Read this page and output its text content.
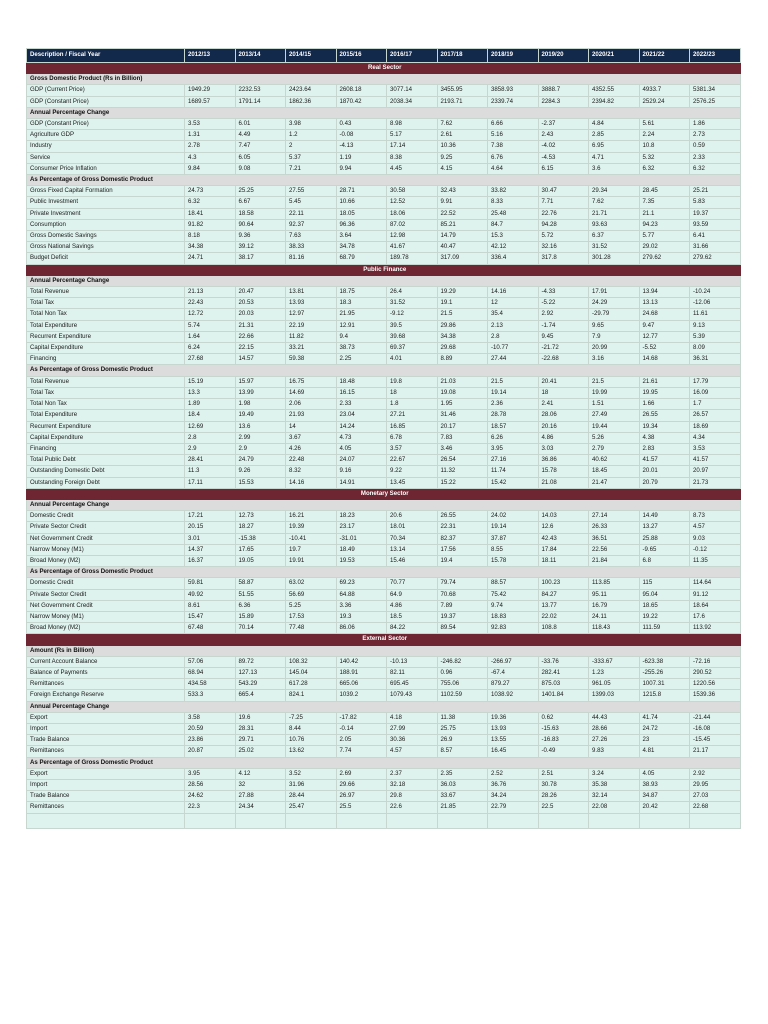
Description / Fiscal Year	2012/13	2013/14	2014/15	2015/16	2016/17	2017/18	2018/19	2019/20	2020/21	2021/22	2022/23
Real Sector											
Gross Domestic Product (Rs in Billion)											
GDP (Current Price)	1949.29	2232.53	2423.64	2608.18	3077.14	3455.95	3858.93	3888.7	4352.55	4933.7	5381.34
GDP (Constant Price)	1689.57	1791.14	1862.36	1870.42	2038.34	2193.71	2339.74	2284.3	2394.82	2529.24	2576.25
Annual Percentage Change											
GDP (Constant Price)	3.53	6.01	3.98	0.43	8.98	7.62	6.66	-2.37	4.84	5.61	1.86
Agriculture GDP	1.31	4.49	1.2	-0.08	5.17	2.61	5.16	2.43	2.85	2.24	2.73
Industry	2.78	7.47	2	-4.13	17.14	10.36	7.38	-4.02	6.95	10.8	0.59
Service	4.3	6.05	5.37	1.19	8.38	9.25	6.76	-4.53	4.71	5.32	2.33
Consumer Price Inflation	9.84	9.08	7.21	9.94	4.45	4.15	4.64	6.15	3.6	6.32	6.32
As Percentage of Gross Domestic Product											
Gross Fixed Capital Formation	24.73	25.25	27.55	28.71	30.58	32.43	33.82	30.47	29.34	28.45	25.21
Public Investment	6.32	6.67	5.45	10.66	12.52	9.91	8.33	7.71	7.62	7.35	5.83
Private Investment	18.41	18.58	22.11	18.05	18.06	22.52	25.48	22.76	21.71	21.1	19.37
Consumption	91.82	90.64	92.37	96.36	87.02	85.21	84.7	94.28	93.63	94.23	93.59
Gross Domestic Savings	8.18	9.36	7.63	3.64	12.98	14.79	15.3	5.72	6.37	5.77	6.41
Gross National Savings	34.38	39.12	38.33	34.78	41.67	40.47	42.12	32.16	31.52	29.02	31.66
Budget Deficit	24.71	38.17	81.16	68.79	189.78	317.09	336.4	317.8	301.28	279.62	279.62
Public Finance											
Annual Percentage Change											
Total Revenue	21.13	20.47	13.81	18.75	26.4	19.29	14.16	-4.33	17.91	13.94	-10.24
Total Tax	22.43	20.53	13.93	18.3	31.52	19.1	12	-5.22	24.29	13.13	-12.06
Total Non Tax	12.72	20.03	12.97	21.95	-9.12	21.5	35.4	2.92	-29.79	24.68	11.61
Total Expenditure	5.74	21.31	22.19	12.91	39.5	29.86	2.13	-1.74	9.65	9.47	9.13
Recurrent Expenditure	1.64	22.66	11.82	9.4	39.68	34.38	2.8	9.45	7.9	12.77	5.39
Capital Expenditure	6.24	22.15	33.21	38.73	69.37	29.68	-10.77	-21.72	20.99	-5.52	8.09
Financing	27.68	14.57	59.38	2.25	4.01	8.89	27.44	-22.68	3.16	14.68	36.31
As Percentage of Gross Domestic Product											
Total Revenue	15.19	15.97	16.75	18.48	19.8	21.03	21.5	20.41	21.5	21.61	17.79
Total Tax	13.3	13.99	14.69	16.15	18	19.08	19.14	18	19.99	19.95	16.09
Total Non Tax	1.89	1.98	2.06	2.33	1.8	1.95	2.36	2.41	1.51	1.66	1.7
Total Expenditure	18.4	19.49	21.93	23.04	27.21	31.46	28.78	28.06	27.49	26.55	26.57
Recurrent Expenditure	12.69	13.6	14	14.24	16.85	20.17	18.57	20.16	19.44	19.34	18.69
Capital Expenditure	2.8	2.99	3.67	4.73	6.78	7.83	6.26	4.86	5.26	4.38	4.34
Financing	2.9	2.9	4.26	4.05	3.57	3.46	3.95	3.03	2.79	2.83	3.53
Total Public Debt	28.41	24.79	22.48	24.07	22.67	26.54	27.16	36.86	40.62	41.57	41.57
Outstanding Domestic Debt	11.3	9.26	8.32	9.16	9.22	11.32	11.74	15.78	18.45	20.01	20.97
Outstanding Foreign Debt	17.11	15.53	14.16	14.91	13.45	15.22	15.42	21.08	21.47	20.79	21.73
Monetary Sector											
Annual Percentage Change											
Domestic Credit	17.21	12.73	16.21	18.23	20.6	26.55	24.02	14.03	27.14	14.49	8.73
Private Sector Credit	20.15	18.27	19.39	23.17	18.01	22.31	19.14	12.6	26.33	13.27	4.57
Net Government Credit	3.01	-15.38	-10.41	-31.01	70.34	82.37	37.87	42.43	36.51	25.88	9.03
Narrow Money (M1)	14.37	17.65	19.7	18.49	13.14	17.56	8.55	17.84	22.56	-9.65	-0.12
Broad Money (M2)	16.37	19.05	19.91	19.53	15.46	19.4	15.78	18.11	21.84	6.8	11.35
As Percentage of Gross Domestic Product											
Domestic Credit	59.81	58.87	63.02	69.23	70.77	79.74	88.57	100.23	113.85	115	114.64
Private Sector Credit	49.92	51.55	56.69	64.88	64.9	70.68	75.42	84.27	95.11	95.04	91.12
Net Government Credit	8.61	6.36	5.25	3.36	4.86	7.89	9.74	13.77	16.79	18.65	18.64
Narrow Money (M1)	15.47	15.89	17.53	19.3	18.5	19.37	18.83	22.02	24.11	19.22	17.6
Broad Money (M2)	67.48	70.14	77.48	86.06	84.22	89.54	92.83	108.8	118.43	111.59	113.92
External Sector											
Amount (Rs in Billion)											
Current Account Balance	57.06	89.72	108.32	140.42	-10.13	-246.82	-266.97	-33.76	-333.67	-623.38	-72.16
Balance of Payments	68.94	127.13	145.04	188.91	82.11	0.96	-67.4	282.41	1.23	-255.26	290.52
Remittances	434.58	543.29	617.28	665.06	695.45	755.06	879.27	875.03	961.05	1007.31	1220.56
Foreign Exchange Reserve	533.3	665.4	824.1	1039.2	1079.43	1102.59	1038.92	1401.84	1399.03	1215.8	1539.36
Annual Percentage Change											
Export	3.58	19.6	-7.25	-17.82	4.18	11.38	19.36	0.62	44.43	41.74	-21.44
Import	20.59	28.31	8.44	-0.14	27.99	25.75	13.93	-15.63	28.66	24.72	-16.08
Trade Balance	23.86	29.71	10.76	2.05	30.36	26.9	13.55	-16.83	27.26	23	-15.45
Remittances	20.87	25.02	13.62	7.74	4.57	8.57	16.45	-0.49	9.83	4.81	21.17
As Percentage of Gross Domestic Product											
Export	3.95	4.12	3.52	2.69	2.37	2.35	2.52	2.51	3.24	4.05	2.92
Import	28.56	32	31.96	29.66	32.18	36.03	36.76	30.78	35.38	38.93	29.95
Trade Balance	24.62	27.88	28.44	26.97	29.8	33.67	34.24	28.26	32.14	34.87	27.03
Remittances	22.3	24.34	25.47	25.5	22.6	21.85	22.79	22.5	22.08	20.42	22.68
